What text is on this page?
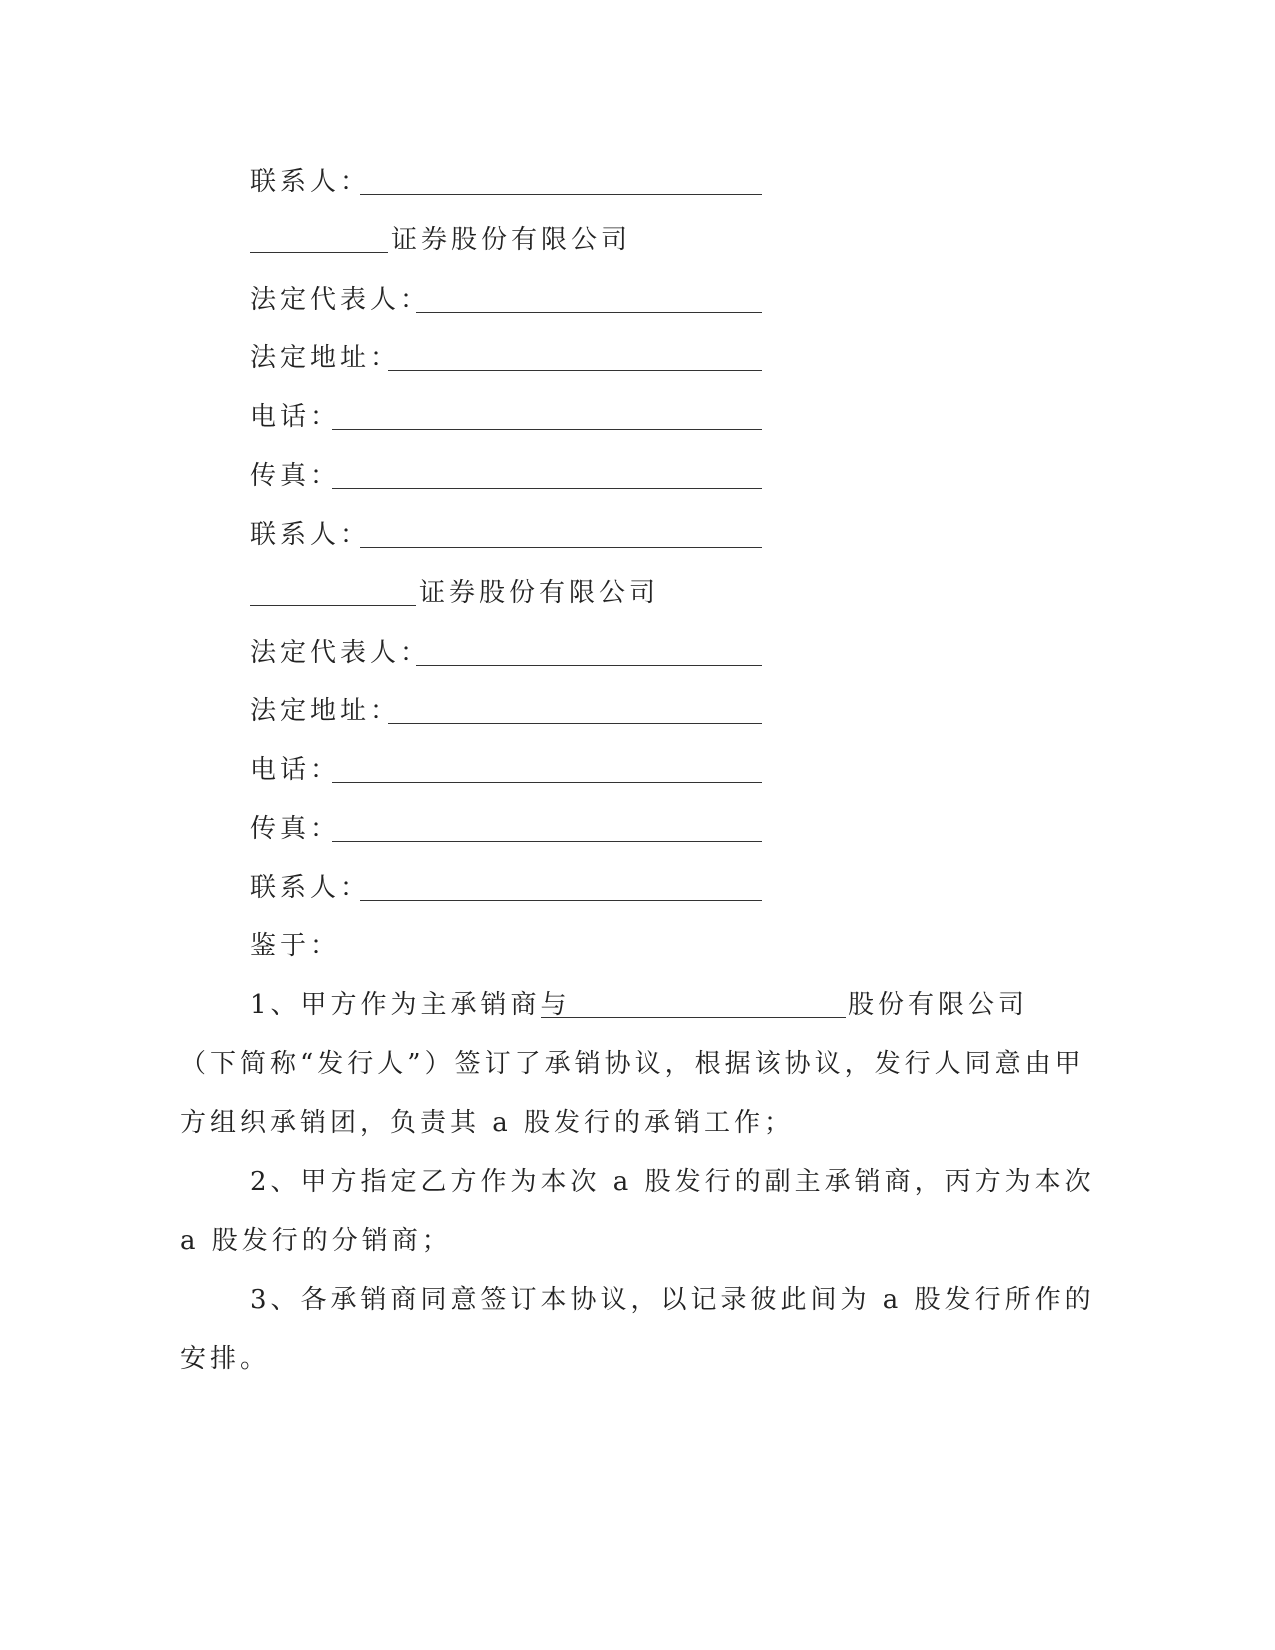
联系人：
证券股份有限公司
法定代表人：
法定地址：
电话：
传真：
联系人：
证券股份有限公司
法定代表人：
法定地址：
电话：
传真：
联系人：
鉴于：
1、甲方作为主承销商与	股份有限公司
（下简称“发行人”）签订了承销协议，根据该协议，发行人同意由甲
方组织承销团，负责其 a 股发行的承销工作；
2、甲方指定乙方作为本次 a 股发行的副主承销商，丙方为本次
a 股发行的分销商；
3、各承销商同意签订本协议，以记录彼此间为 a 股发行所作的
安排。
